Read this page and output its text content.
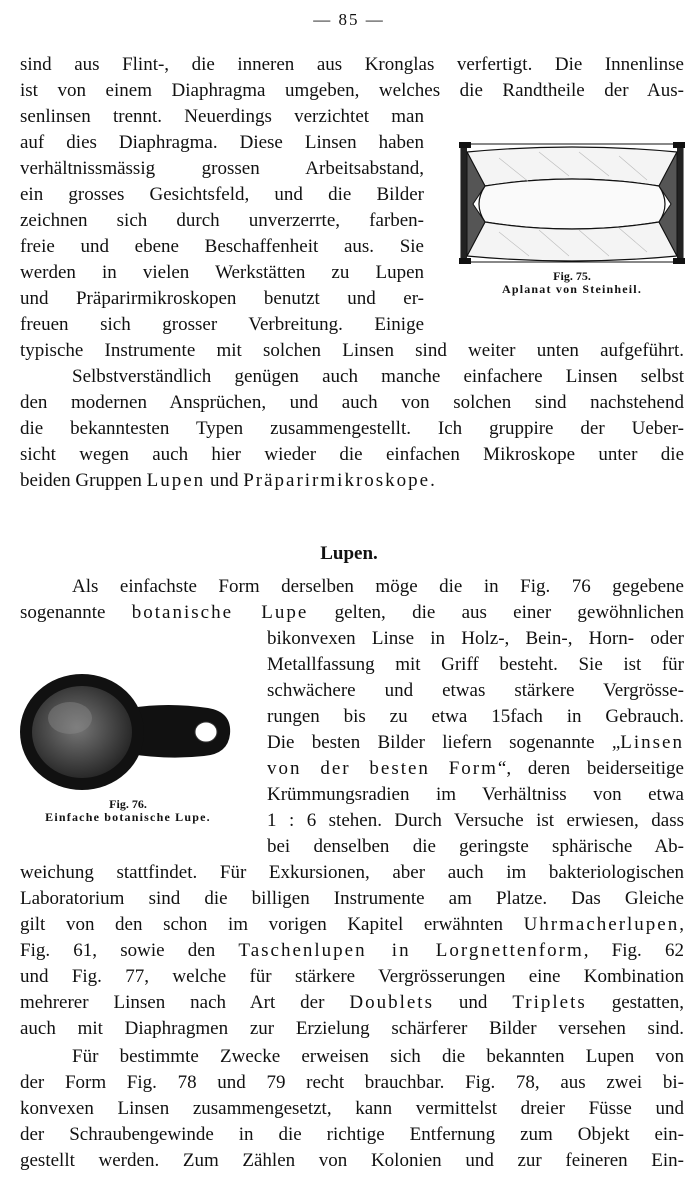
— 85 —
sind aus Flint-, die inneren aus Kronglas verfertigt. Die Innenlinse
ist von einem Diaphragma umgeben, welches die Randtheile der Aus-
senlinsen trennt. Neuerdings verzichtet man
auf dies Diaphragma. Diese Linsen haben
verhältnissmässig grossen Arbeitsabstand,
ein grosses Gesichtsfeld, und die Bilder
zeichnen sich durch unverzerrte, farben-
freie und ebene Beschaffenheit aus. Sie
werden in vielen Werkstätten zu Lupen
und Präparirmikroskopen benutzt und er-
freuen sich grosser Verbreitung. Einige
typische Instrumente mit solchen Linsen sind weiter unten aufgeführt.
Selbstverständlich genügen auch manche einfachere Linsen selbst
den modernen Ansprüchen, und auch von solchen sind nachstehend
die bekanntesten Typen zusammengestellt. Ich gruppire der Ueber-
sicht wegen auch hier wieder die einfachen Mikroskope unter die
beiden Gruppen Lupen und Präparirmikroskope.
Fig. 75.
Aplanat von Steinheil.
Lupen.
Als einfachste Form derselben möge die in Fig. 76 gegebene
sogenannte botanische Lupe gelten, die aus einer gewöhnlichen
bikonvexen Linse in Holz-, Bein-, Horn- oder
Metallfassung mit Griff besteht. Sie ist für
schwächere und etwas stärkere Vergrösse-
rungen bis zu etwa 15fach in Gebrauch.
Die besten Bilder liefern sogenannte „Linsen
von der besten Form“, deren beiderseitige
Krümmungsradien im Verhältniss von etwa
1 : 6 stehen. Durch Versuche ist erwiesen, dass
bei denselben die geringste sphärische Ab-
weichung stattfindet. Für Exkursionen, aber auch im bakteriologischen
Laboratorium sind die billigen Instrumente am Platze. Das Gleiche
gilt von den schon im vorigen Kapitel erwähnten Uhrmacherlupen,
Fig. 61, sowie den Taschenlupen in Lorgnettenform, Fig. 62
und Fig. 77, welche für stärkere Vergrösserungen eine Kombination
mehrerer Linsen nach Art der Doublets und Triplets gestatten,
auch mit Diaphragmen zur Erzielung schärferer Bilder versehen sind.
Fig. 76.
Einfache botanische Lupe.
Für bestimmte Zwecke erweisen sich die bekannten Lupen von
der Form Fig. 78 und 79 recht brauchbar. Fig. 78, aus zwei bi-
konvexen Linsen zusammengesetzt, kann vermittelst dreier Füsse und
der Schraubengewinde in die richtige Entfernung zum Objekt ein-
gestellt werden. Zum Zählen von Kolonien und zur feineren Ein-
